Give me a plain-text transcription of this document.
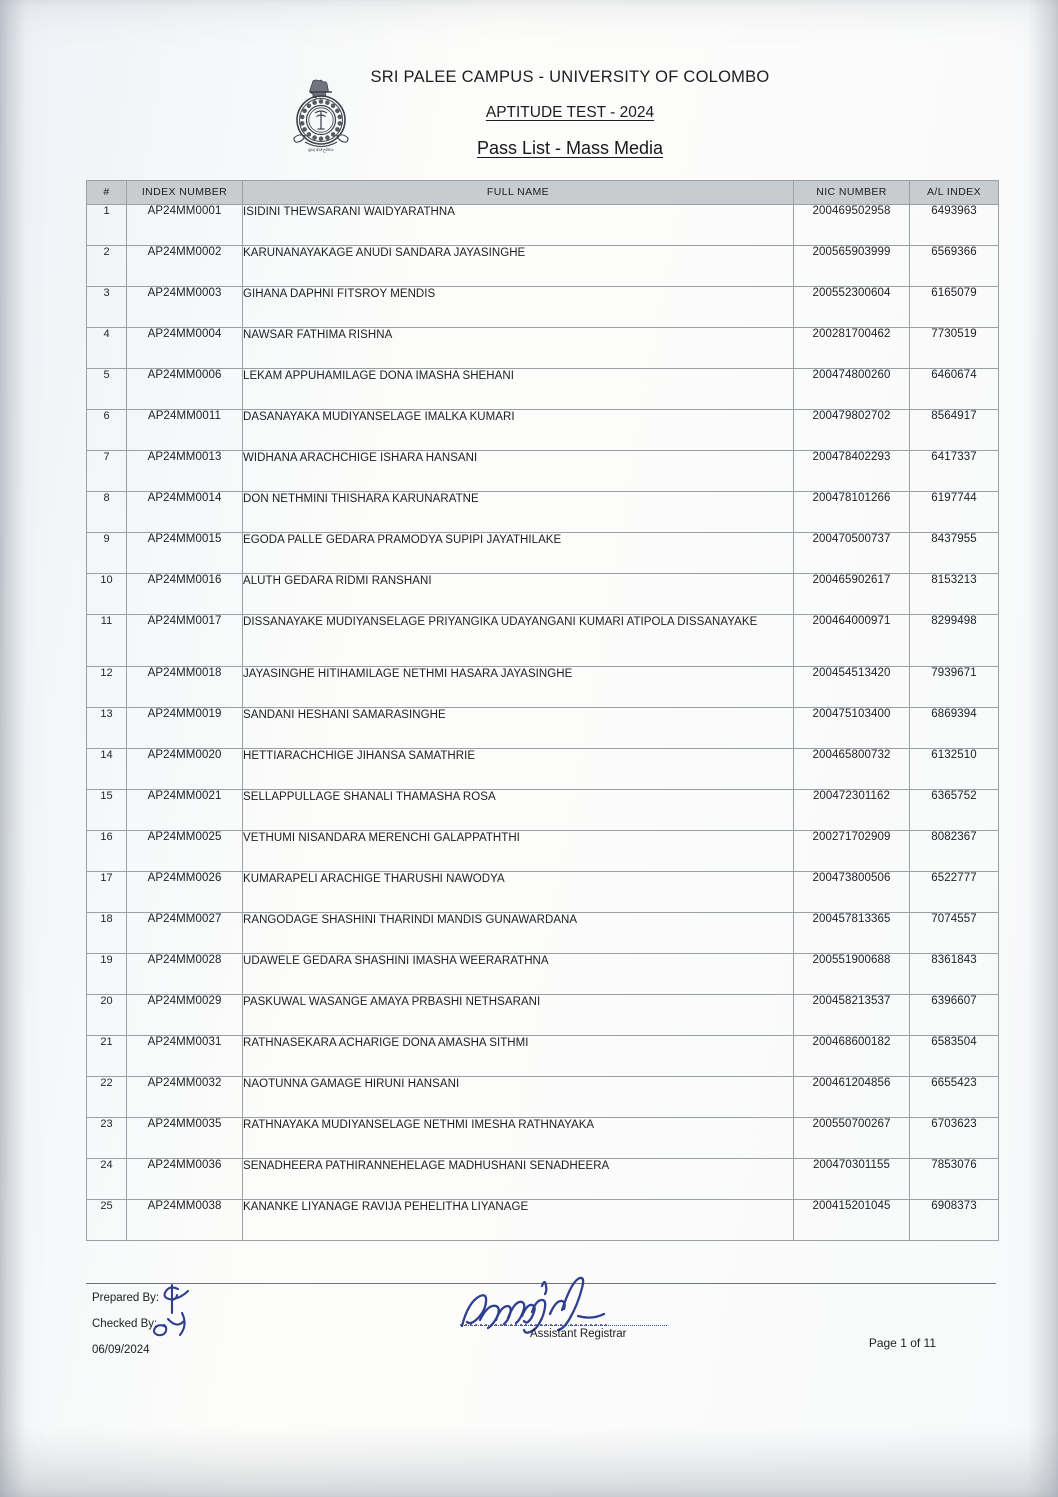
ප්‍රඥා ආලෝකය
SRI PALEE CAMPUS - UNIVERSITY OF COLOMBO
APTITUDE TEST - 2024
Pass List - Mass Media
#	INDEX NUMBER	FULL NAME	NIC NUMBER	A/L INDEX
1	AP24MM0001	ISIDINI THEWSARANI WAIDYARATHNA	200469502958	6493963
2	AP24MM0002	KARUNANAYAKAGE ANUDI SANDARA JAYASINGHE	200565903999	6569366
3	AP24MM0003	GIHANA DAPHNI FITSROY MENDIS	200552300604	6165079
4	AP24MM0004	NAWSAR FATHIMA RISHNA	200281700462	7730519
5	AP24MM0006	LEKAM APPUHAMILAGE DONA IMASHA SHEHANI	200474800260	6460674
6	AP24MM0011	DASANAYAKA MUDIYANSELAGE IMALKA KUMARI	200479802702	8564917
7	AP24MM0013	WIDHANA ARACHCHIGE ISHARA HANSANI	200478402293	6417337
8	AP24MM0014	DON NETHMINI THISHARA KARUNARATNE	200478101266	6197744
9	AP24MM0015	EGODA PALLE GEDARA PRAMODYA SUPIPI JAYATHILAKE	200470500737	8437955
10	AP24MM0016	ALUTH GEDARA RIDMI RANSHANI	200465902617	8153213
11	AP24MM0017	DISSANAYAKE MUDIYANSELAGE PRIYANGIKA UDAYANGANI KUMARI ATIPOLA DISSANAYAKE	200464000971	8299498
12	AP24MM0018	JAYASINGHE HITIHAMILAGE NETHMI HASARA JAYASINGHE	200454513420	7939671
13	AP24MM0019	SANDANI HESHANI SAMARASINGHE	200475103400	6869394
14	AP24MM0020	HETTIARACHCHIGE JIHANSA SAMATHRIE	200465800732	6132510
15	AP24MM0021	SELLAPPULLAGE SHANALI THAMASHA ROSA	200472301162	6365752
16	AP24MM0025	VETHUMI NISANDARA MERENCHI GALAPPATHTHI	200271702909	8082367
17	AP24MM0026	KUMARAPELI ARACHIGE THARUSHI NAWODYA	200473800506	6522777
18	AP24MM0027	RANGODAGE SHASHINI THARINDI MANDIS GUNAWARDANA	200457813365	7074557
19	AP24MM0028	UDAWELE GEDARA SHASHINI IMASHA WEERARATHNA	200551900688	8361843
20	AP24MM0029	PASKUWAL WASANGE AMAYA PRBASHI NETHSARANI	200458213537	6396607
21	AP24MM0031	RATHNASEKARA ACHARIGE DONA AMASHA SITHMI	200468600182	6583504
22	AP24MM0032	NAOTUNNA GAMAGE HIRUNI HANSANI	200461204856	6655423
23	AP24MM0035	RATHNAYAKA MUDIYANSELAGE NETHMI IMESHA RATHNAYAKA	200550700267	6703623
24	AP24MM0036	SENADHEERA PATHIRANNEHELAGE MADHUSHANI SENADHEERA	200470301155	7853076
25	AP24MM0038	KANANKE LIYANAGE RAVIJA PEHELITHA LIYANAGE	200415201045	6908373
Prepared By:
Checked By:
06/09/2024
Assistant Registrar
Page 1 of 11
